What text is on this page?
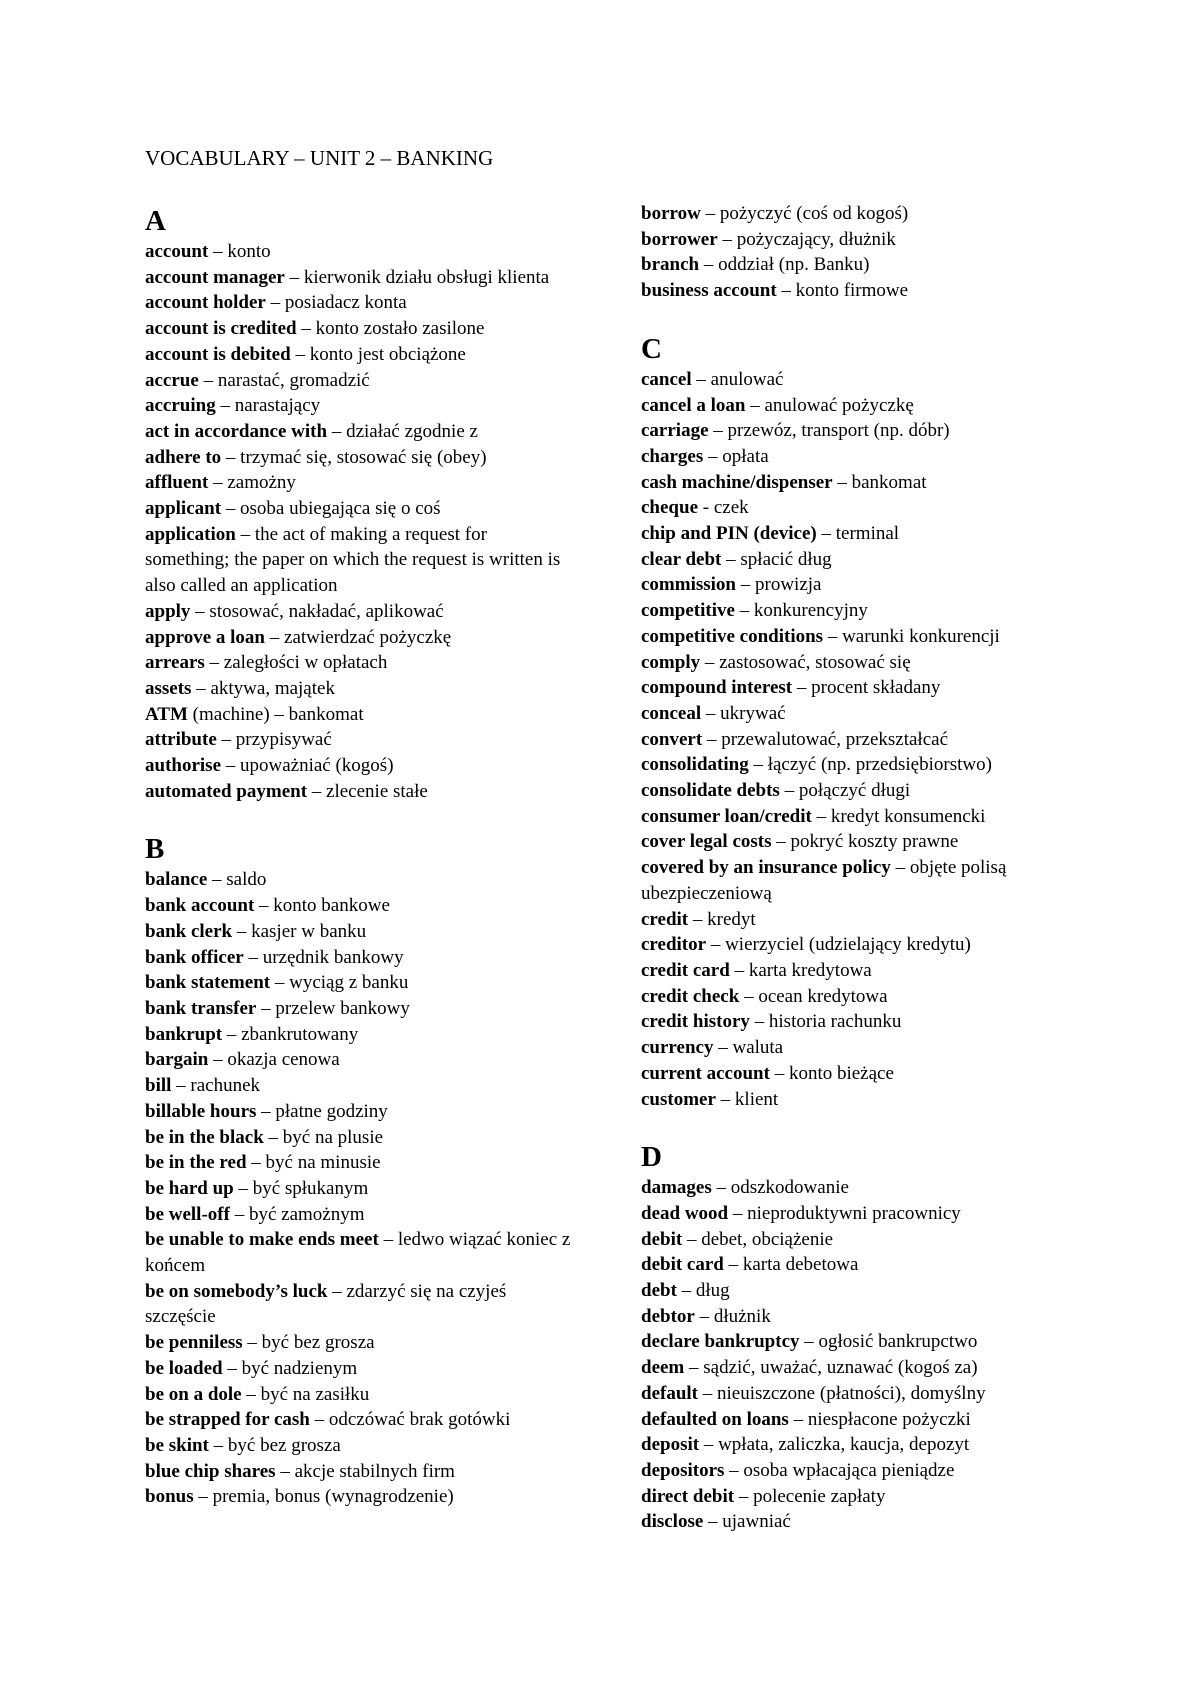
VOCABULARY – UNIT 2 – BANKING
A

account – konto

account manager – kierwonik działu obsługi klienta

account holder – posiadacz konta

account is credited – konto zostało zasilone

account is debited – konto jest obciążone

accrue – narastać, gromadzić

accruing – narastający

act in accordance with – działać zgodnie z

adhere to – trzymać się, stosować się (obey)

affluent – zamożny

applicant – osoba ubiegająca się o coś

application – the act of making a request for something; the paper on which the request is written is also called an application

apply – stosować, nakładać, aplikować

approve a loan – zatwierdzać pożyczkę

arrears – zaległości w opłatach

assets – aktywa, majątek

ATM (machine) – bankomat

attribute – przypisywać

authorise – upoważniać (kogoś)

automated payment – zlecenie stałe

B

balance – saldo

bank account – konto bankowe

bank clerk – kasjer w banku

bank officer – urzędnik bankowy

bank statement – wyciąg z banku

bank transfer – przelew bankowy

bankrupt – zbankrutowany

bargain – okazja cenowa

bill – rachunek

billable hours – płatne godziny

be in the black – być na plusie

be in the red – być na minusie

be hard up – być spłukanym

be well-off – być zamożnym

be unable to make ends meet – ledwo wiązać koniec z końcem

be on somebody’s luck – zdarzyć się na czyjeś szczęście

be penniless – być bez grosza

be loaded – być nadzienym

be on a dole – być na zasiłku

be strapped for cash – odczówać brak gotówki

be skint – być bez grosza

blue chip shares – akcje stabilnych firm

bonus – premia, bonus (wynagrodzenie)

borrow – pożyczyć (coś od kogoś)

borrower – pożyczający, dłużnik

branch – oddział (np. Banku)

business account – konto firmowe

C

cancel – anulować

cancel a loan – anulować pożyczkę

carriage – przewóz, transport (np. dóbr)

charges – opłata

cash machine/dispenser – bankomat

cheque - czek

chip and PIN (device) – terminal

clear debt – spłacić dług

commission – prowizja

competitive – konkurencyjny

competitive conditions – warunki konkurencji

comply – zastosować, stosować się

compound interest – procent składany

conceal – ukrywać

convert – przewalutować, przekształcać

consolidating – łączyć (np. przedsiębiorstwo)

consolidate debts – połączyć długi

consumer loan/credit – kredyt konsumencki

cover legal costs – pokryć koszty prawne

covered by an insurance policy – objęte polisą ubezpieczeniową

credit – kredyt

creditor – wierzyciel (udzielający kredytu)

credit card – karta kredytowa

credit check – ocean kredytowa

credit history – historia rachunku

currency – waluta

current account – konto bieżące

customer – klient

D

damages – odszkodowanie

dead wood – nieproduktywni pracownicy

debit – debet, obciążenie

debit card – karta debetowa

debt – dług

debtor – dłużnik

declare bankruptcy – ogłosić bankrupctwo

deem – sądzić, uważać, uznawać (kogoś za)

default – nieuiszczone (płatności), domyślny

defaulted on loans – niespłacone pożyczki

deposit – wpłata, zaliczka, kaucja, depozyt

depositors – osoba wpłacająca pieniądze

direct debit – polecenie zapłaty

disclose – ujawniać
